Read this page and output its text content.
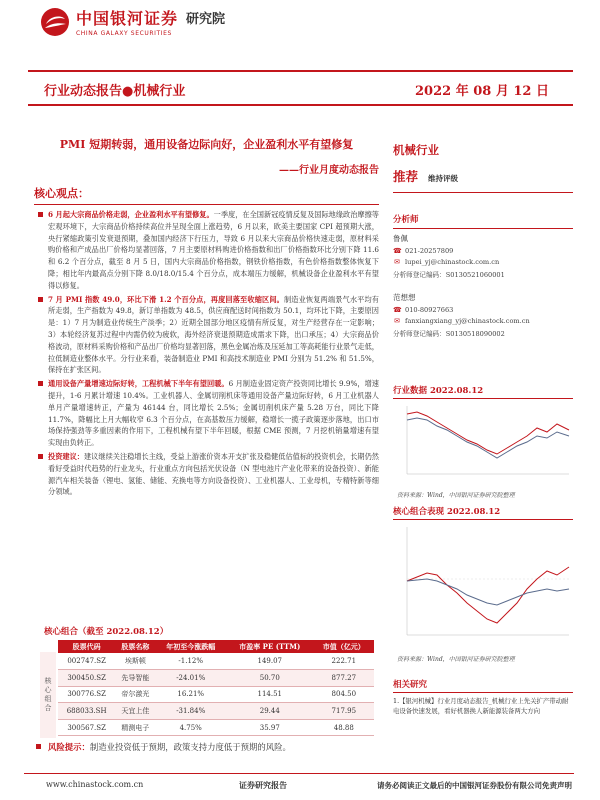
中国银河证券
CHINA GALAXY SECURITIES
研究院
行业动态报告●机械行业	2022 年 08 月 12 日
PMI 短期转弱，通用设备边际向好，企业盈利水平有望修复
——行业月度动态报告
核心观点：
6 月起大宗商品价格走弱，企业盈利水平有望修复。一季度，在全国新冠疫情反复及国际地缘政治摩擦等宏观环境下，大宗商品价格持续高位并呈现全面上涨趋势，6 月以来，欧美主要国家 CPI 超预期大涨，央行紧缩政策引发衰退预期，叠加国内经济下行压力，导致 6 月以来大宗商品价格快速走弱，原材料采购价格和产成品出厂价格均显著回落，7 月主要原材料购进价格指数和出厂价格指数环比分别下降 11.6 和 6.2 个百分点，截至 8 月 5 日，国内大宗商品价格指数，钢铁价格指数，有色价格指数整体恢复下降；相比年内最高点分别下降 8.0/18.0/15.4 个百分点，成本端压力缓解，机械设备企业盈利水平有望得以修复。
7 月 PMI 指数 49.0，环比下滑 1.2 个百分点，再度回落至收缩区间。制造业恢复两端景气水平均有所走弱，生产指数为 49.8，新订单指数为 48.5，供应商配送时间指数为 50.1，均环比下降，主要原因是：1）7 月为制造业传统生产淡季；2）近期全国部分地区疫情有所反复，对生产经营存在一定影响；3）本轮经济复苏过程中内需仍较为疲软，海外经济衰退预期造成需求下降，出口承压；4）大宗商品价格波动，原材料采购价格和产品出厂价格均显著回落，黑色金属冶炼及压延加工等高耗能行业景气走低，拉低制造业整体水平。分行业来看，装备制造业 PMI 和高技术制造业 PMI 分别为 51.2% 和 51.5%，保持在扩张区间。
通用设备产量增速边际好转，工程机械下半年有望回暖。6 月制造业固定资产投资同比增长 9.9%，增速提升，1-6 月累计增速 10.4%。工业机器人、金属切削机床等通用设备产量边际好转，6 月工业机器人单月产量增速转正，产量为 46144 台，同比增长 2.5%；金属切削机床产量 5.28 万台，同比下降 11.7%，降幅比上月大幅收窄 6.3 个百分点，在高基数压力缓解，稳增长一揽子政策逐步落地，出口市场保持强劲等多重因素的作用下，工程机械有望下半年回暖，根据 CME 预测，7 月挖机销量增速有望实现由负转正。
投资建议：建议继续关注稳增长主线，受益上游涨价资本开支扩张及稳健低估值标的投资机会，长期仍然看好受益时代趋势的行业龙头，行业重点方向包括光伏设备（N 型电池片产业化带来的设备投资）、新能源汽车相关装备（锂电、氢能、储能、充换电等方向设备投资）、工业机器人、工业母机，专精特新等细分领域。
核心组合（截至 2022.08.12）
核心组合
股票代码	股票名称	年初至今涨跌幅	市盈率 PE (TTM)	市值（亿元）
002747.SZ	埃斯顿	-1.12%	149.07	222.71
300450.SZ	先导智能	-24.01%	50.70	877.27
300776.SZ	帝尔激光	16.21%	114.51	804.50
688033.SH	天宜上佳	-31.84%	29.44	717.95
300567.SZ	精测电子	4.75%	35.97	48.88
风险提示：制造业投资低于预期，政策支持力度低于预期的风险。
机械行业
推荐 维持评级
分析师
鲁佩
☎ 021-20257809
✉ lupei_yj@chinastock.com.cn
分析师登记编码：S0130521060001
范想想
☎ 010-80927663
✉ fanxiangxiang_yj@chinastock.com.cn
分析师登记编码：S0130518090002
行业数据 2022.08.12
资料来源：Wind，中国银河证券研究院整理
核心组合表现 2022.08.12
资料来源：Wind，中国银河证券研究院整理
相关研究
1.【银河机械】行业月度动态报告_机械行业上先关扩产带动耐电设备快速发展，看好机器换人新能源装备两大方向
www.chinastock.com.cn	证券研究报告	请务必阅读正文最后的中国银河证券股份有限公司免责声明
